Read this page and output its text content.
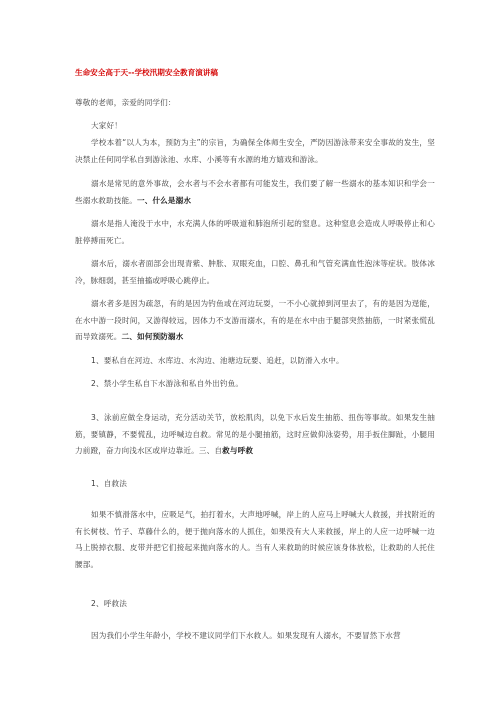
生命安全高于天--学校汛期安全教育演讲稿
尊敬的老师，亲爱的同学们：
大家好！
学校本着“以人为本，预防为主”的宗旨，为确保全体师生安全，严防因游泳带来安全事故的发生，坚决禁止任何同学私自到游泳池、水库、小溪等有水源的地方嬉戏和游泳。
溺水是常见的意外事故，会水者与不会水者都有可能发生，我们要了解一些溺水的基本知识和学会一些溺水救助技能。一、什么是溺水
溺水是指人淹没于水中，水充满人体的呼吸道和肺泡所引起的窒息。这种窒息会造成人呼吸停止和心脏停搏而死亡。
溺水后，溺水者面部会出现青紫、肿胀、双眼充血，口腔、鼻孔和气管充满血性泡沫等症状。肢体冰冷，脉细弱，甚至抽搐或呼吸心跳停止。
溺水者多是因为疏忽，有的是因为钓鱼或在河边玩耍，一不小心就掉到河里去了，有的是因为逞能，在水中游一段时间，又游得较远，因体力不支游而溺水，有的是在水中由于腿部突然抽筋，一时紧张慌乱而导致溺死。二、如何预防溺水
1、要私自在河边、水库边、水沟边、池塘边玩要、追赶，以防滑入水中。
2、禁小学生私自下水游泳和私自外出钓鱼。
3、泳前应做全身运动，充分活动关节，放松肌肉，以免下水后发生抽筋、扭伤等事故。如果发生抽筋，要镇静，不要慌乱，边呼喊边自救。常见的是小腿抽筋，这时应做仰泳姿势，用手扳住脚趾，小腿用力前蹬，奋力向浅水区或岸边靠近。三、自救与呼救
1、自救法
如果不慎滑落水中，应吸足气，拍打着水，大声地呼喊，岸上的人应马上呼喊大人救援，并找附近的有长树枝、竹子、草藤什么的，便于抛向落水的人抓住，如果没有大人来救援，岸上的人应一边呼喊一边马上脱掉衣服、皮带并把它们接起来抛向落水的人。当有人来救助的时候应该身体放松，让救助的人托住腰部。
2、呼救法
因为我们小学生年龄小，学校不建议同学们下水救人。如果发现有人溺水，不要冒然下水营
